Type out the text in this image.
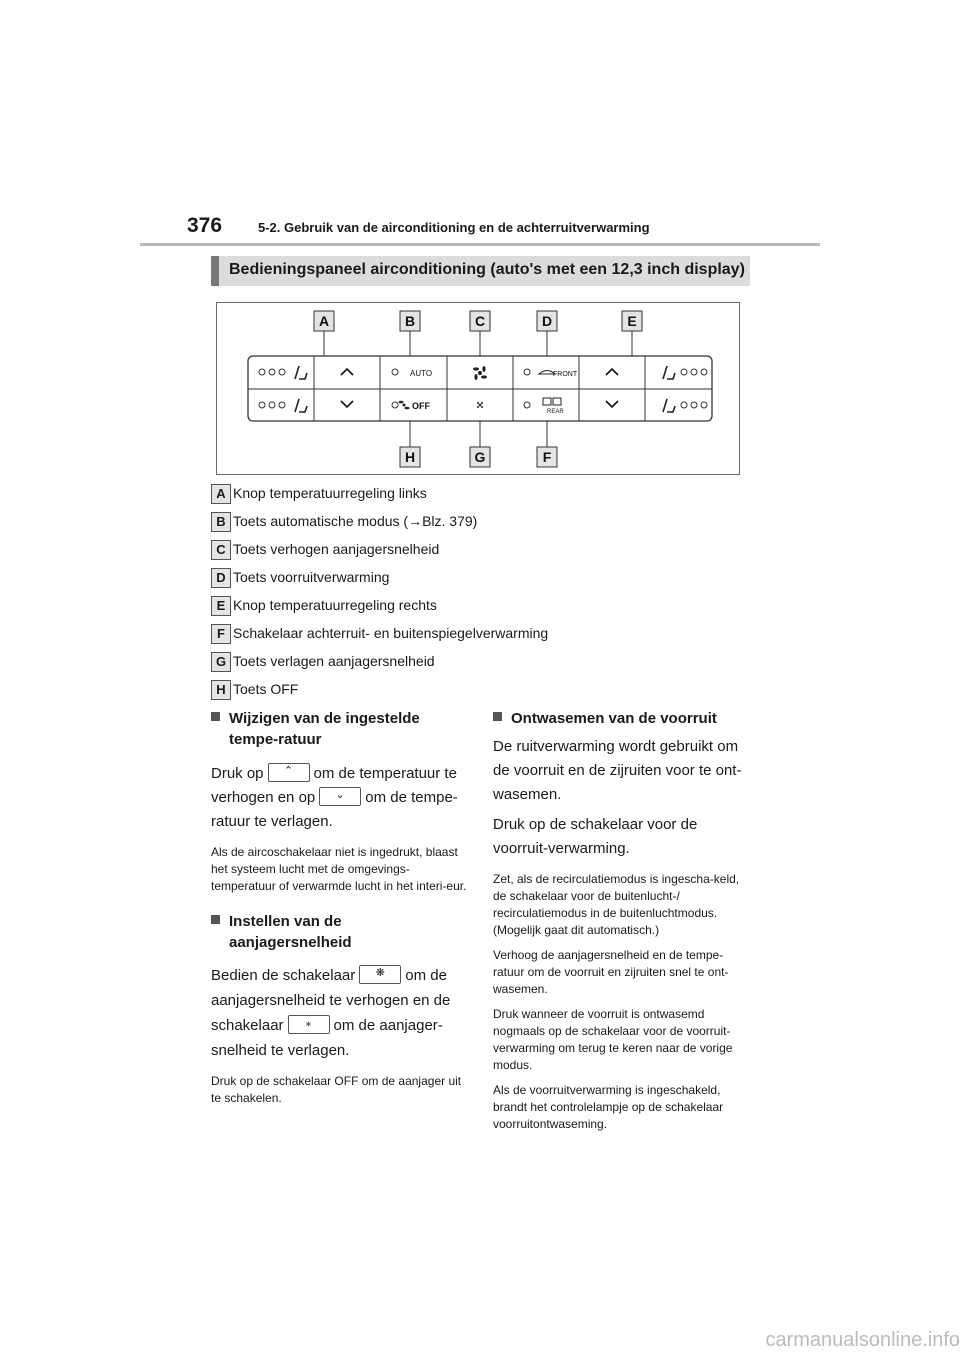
376	5-2. Gebruik van de airconditioning en de achterruitverwarming
Bedieningspaneel airconditioning (auto's met een 12,3 inch display)
AUTO
OFF
FRONT
REAR
A	B	C	D	E
H	G	F
A Knop temperatuurregeling links
B Toets automatische modus (→Blz. 379)
C Toets verhogen aanjagersnelheid
D Toets voorruitverwarming
E Knop temperatuurregeling rechts
F Schakelaar achterruit- en buitenspiegelverwarming
G Toets verlagen aanjagersnelheid
H Toets OFF

Wijzigen van de ingestelde tempe-ratuur

Druk op ⌃ om de temperatuur te
verhogen en op ⌄ om de tempe-
ratuur te verlagen.

Als de aircoschakelaar niet is ingedrukt, blaast het systeem lucht met de omgevings-temperatuur of verwarmde lucht in het interi-eur.

Instellen van de aanjagersnelheid

Bedien de schakelaar ❋ om de
aanjagersnelheid te verhogen en de
schakelaar ⁎ om de aanjager-
snelheid te verlagen.

Druk op de schakelaar OFF om de aanjager uit te schakelen.

Ontwasemen van de voorruit

De ruitverwarming wordt gebruikt om de voorruit en de zijruiten voor te ont-wasemen.

Druk op de schakelaar voor de voorruit-verwarming.

Zet, als de recirculatiemodus is ingescha-keld, de schakelaar voor de buitenlucht-/ recirculatiemodus in de buitenluchtmodus. (Mogelijk gaat dit automatisch.)

Verhoog de aanjagersnelheid en de tempe-ratuur om de voorruit en zijruiten snel te ont-wasemen.

Druk wanneer de voorruit is ontwasemd nogmaals op de schakelaar voor de voorruit-verwarming om terug te keren naar de vorige modus.

Als de voorruitverwarming is ingeschakeld, brandt het controlelampje op de schakelaar voorruitontwaseming.

carmanualsonline.info
